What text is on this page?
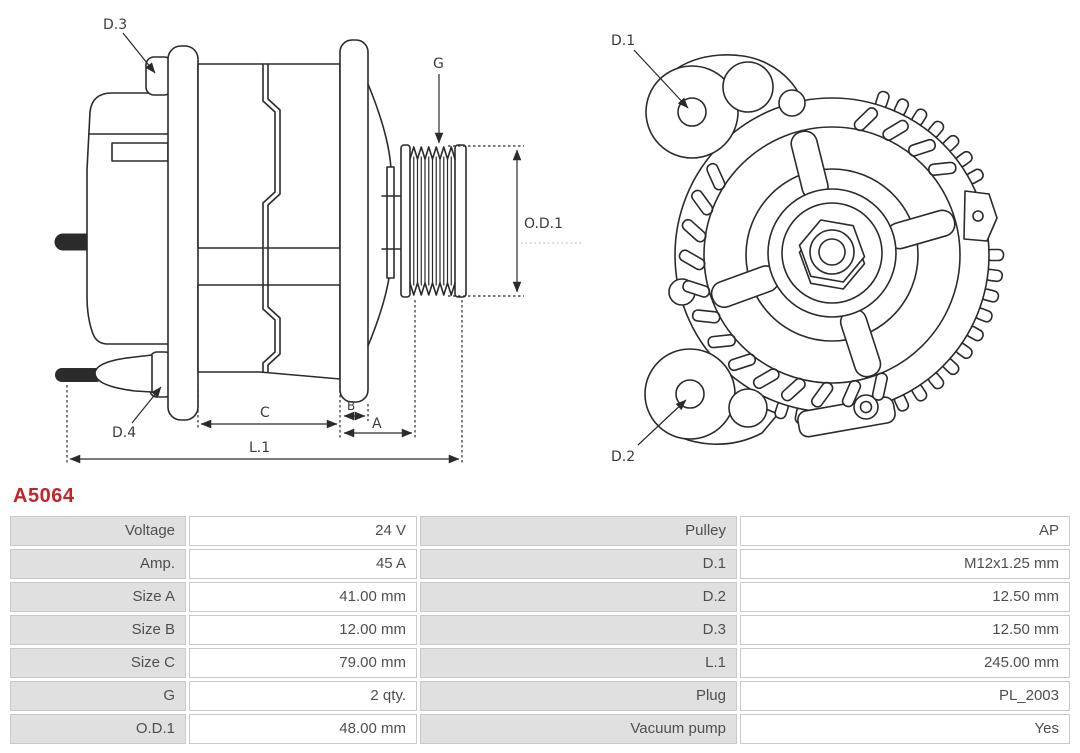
D.3
G
O.D.1
D.4
C	B
A
L.1
D.1
D.2
A5064
Voltage	24 V	Pulley	AP
Amp.	45 A	D.1	M12x1.25 mm
Size A	41.00 mm	D.2	12.50 mm
Size B	12.00 mm	D.3	12.50 mm
Size C	79.00 mm	L.1	245.00 mm
G	2 qty.	Plug	PL_2003
O.D.1	48.00 mm	Vacuum pump	Yes
